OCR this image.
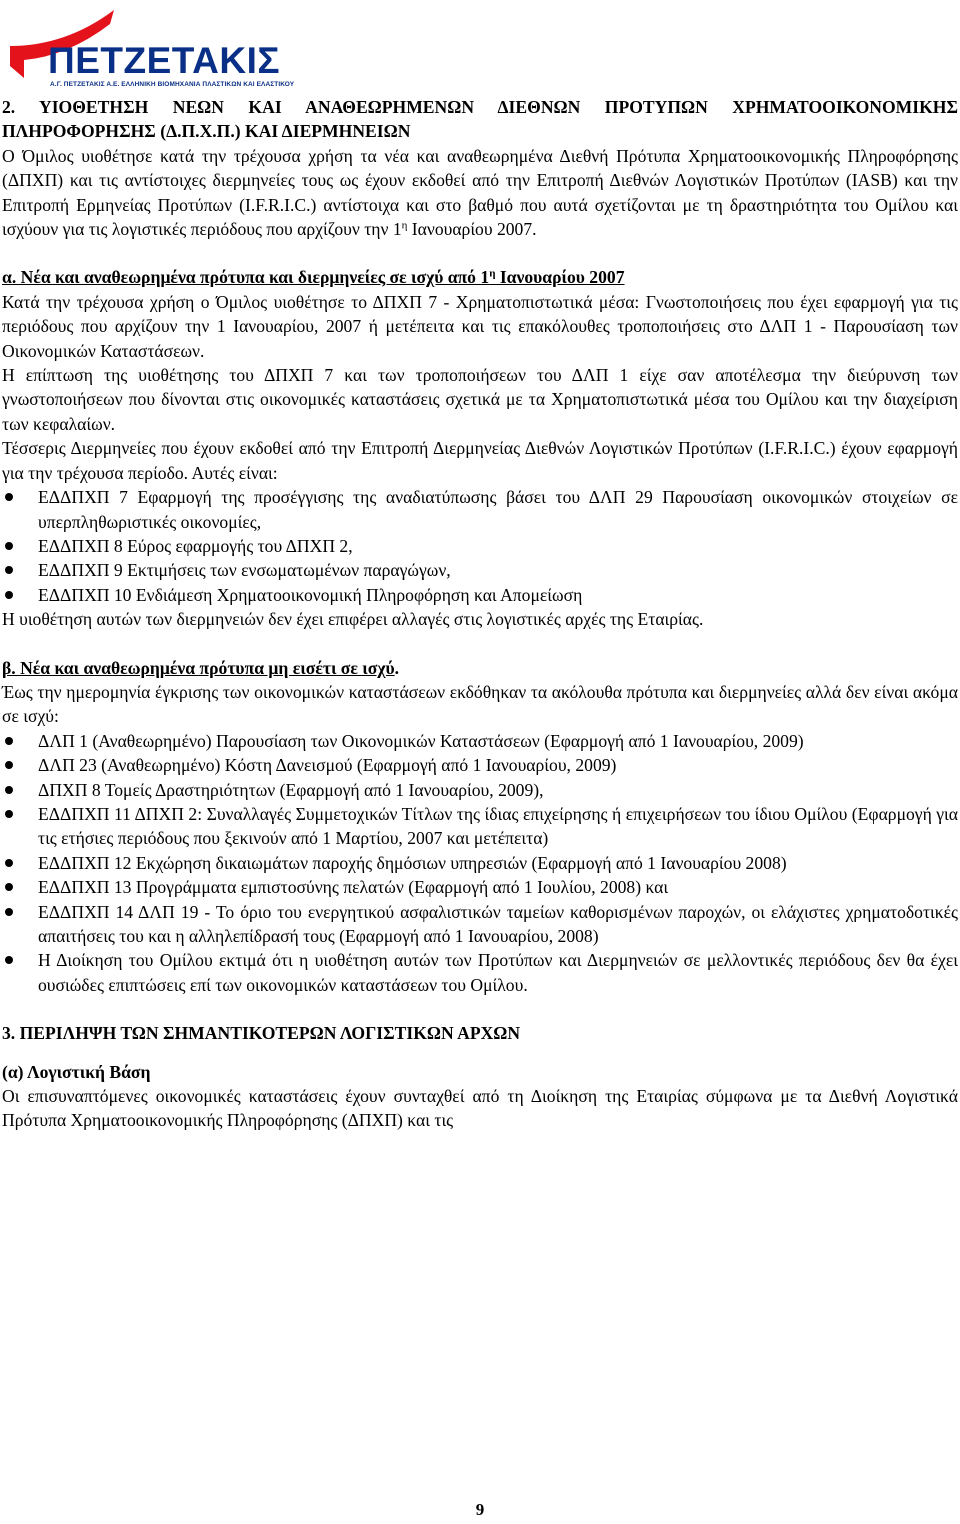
ΠΕΤΖΕΤΑΚΙΣ
Α.Γ. ΠΕΤΖΕΤΑΚΙΣ Α.Ε. ΕΛΛΗΝΙΚΗ ΒΙΟΜΗΧΑΝΙΑ ΠΛΑΣΤΙΚΩΝ ΚΑΙ ΕΛΑΣΤΙΚΟΥ
2. ΥΙΟΘΕΤΗΣΗ ΝΕΩΝ ΚΑΙ ΑΝΑΘΕΩΡΗΜΕΝΩΝ ΔΙΕΘΝΩΝ ΠΡΟΤΥΠΩΝ ΧΡΗΜΑΤΟΟΙΚΟΝΟΜΙΚΗΣ ΠΛΗΡΟΦΟΡΗΣΗΣ (Δ.Π.Χ.Π.) ΚΑΙ ΔΙΕΡΜΗΝΕΙΩΝ

Ο Όμιλος υιοθέτησε κατά την τρέχουσα χρήση τα νέα και αναθεωρημένα Διεθνή Πρότυπα Χρηματοοικονομικής Πληροφόρησης (ΔΠΧΠ) και τις αντίστοιχες διερμηνείες τους ως έχουν εκδοθεί από την Επιτροπή Διεθνών Λογιστικών Προτύπων (IASB) και την Επιτροπή Ερμηνείας Προτύπων (I.F.R.I.C.) αντίστοιχα και στο βαθμό που αυτά σχετίζονται με τη δραστηριότητα του Ομίλου και ισχύουν για τις λογιστικές περιόδους που αρχίζουν την $1^\eta$ Ιανουαρίου 2007.

α. Νέα και αναθεωρημένα πρότυπα και διερμηνείες σε ισχύ από $1^\eta$ Ιανουαρίου 2007

Κατά την τρέχουσα χρήση ο Όμιλος υιοθέτησε το ΔΠΧΠ 7 - Χρηματοπιστωτικά μέσα: Γνωστοποιήσεις που έχει εφαρμογή για τις περιόδους που αρχίζουν την 1 Ιανουαρίου, 2007 ή μετέπειτα και τις επακόλουθες τροποποιήσεις στο ΔΛΠ 1 - Παρουσίαση των Οικονομικών Καταστάσεων.

Η επίπτωση της υιοθέτησης του ΔΠΧΠ 7 και των τροποποιήσεων του ΔΛΠ 1 είχε σαν αποτέλεσμα την διεύρυνση των γνωστοποιήσεων που δίνονται στις οικονομικές καταστάσεις σχετικά με τα Χρηματοπιστωτικά μέσα του Ομίλου και την διαχείριση των κεφαλαίων.

Τέσσερις Διερμηνείες που έχουν εκδοθεί από την Επιτροπή Διερμηνείας Διεθνών Λογιστικών Προτύπων (I.F.R.I.C.) έχουν εφαρμογή για την τρέχουσα περίοδο. Αυτές είναι:

ΕΔΔΠΧΠ 7 Εφαρμογή της προσέγγισης της αναδιατύπωσης βάσει του ΔΛΠ 29 Παρουσίαση οικονομικών στοιχείων σε υπερπληθωριστικές οικονομίες,
ΕΔΔΠΧΠ 8 Εύρος εφαρμογής του ΔΠΧΠ 2,
ΕΔΔΠΧΠ 9 Εκτιμήσεις των ενσωματωμένων παραγώγων,
ΕΔΔΠΧΠ 10 Ενδιάμεση Χρηματοοικονομική Πληροφόρηση και Απομείωση

Η υιοθέτηση αυτών των διερμηνειών δεν έχει επιφέρει αλλαγές στις λογιστικές αρχές της Εταιρίας.

β. Νέα και αναθεωρημένα πρότυπα μη εισέτι σε ισχύ.

Έως την ημερομηνία έγκρισης των οικονομικών καταστάσεων εκδόθηκαν τα ακόλουθα πρότυπα και διερμηνείες αλλά δεν είναι ακόμα σε ισχύ:

ΔΛΠ 1 (Αναθεωρημένο) Παρουσίαση των Οικονομικών Καταστάσεων (Εφαρμογή από 1 Ιανουαρίου, 2009)
ΔΛΠ 23 (Αναθεωρημένο) Κόστη Δανεισμού (Εφαρμογή από 1 Ιανουαρίου, 2009)
ΔΠΧΠ 8 Τομείς Δραστηριότητων (Εφαρμογή από 1 Ιανουαρίου, 2009),
ΕΔΔΠΧΠ 11 ΔΠΧΠ 2: Συναλλαγές Συμμετοχικών Τίτλων της ίδιας επιχείρησης ή επιχειρήσεων του ίδιου Ομίλου (Εφαρμογή για τις ετήσιες περιόδους που ξεκινούν από 1 Μαρτίου, 2007 και μετέπειτα)
ΕΔΔΠΧΠ 12 Εκχώρηση δικαιωμάτων παροχής δημόσιων υπηρεσιών (Εφαρμογή από 1 Ιανουαρίου 2008)
ΕΔΔΠΧΠ 13 Προγράμματα εμπιστοσύνης πελατών (Εφαρμογή από 1 Ιουλίου, 2008) και
ΕΔΔΠΧΠ 14 ΔΛΠ 19 - Το όριο του ενεργητικού ασφαλιστικών ταμείων καθορισμένων παροχών, οι ελάχιστες χρηματοδοτικές απαιτήσεις του και η αλληλεπίδρασή τους (Εφαρμογή από 1 Ιανουαρίου, 2008)
Η Διοίκηση του Ομίλου εκτιμά ότι η υιοθέτηση αυτών των Προτύπων και Διερμηνειών σε μελλοντικές περιόδους δεν θα έχει ουσιώδες επιπτώσεις επί των οικονομικών καταστάσεων του Ομίλου.
3. ΠΕΡΙΛΗΨΗ ΤΩΝ ΣΗΜΑΝΤΙΚΟΤΕΡΩΝ ΛΟΓΙΣΤΙΚΩΝ ΑΡΧΩΝ

(α) Λογιστική Βάση

Οι επισυναπτόμενες οικονομικές καταστάσεις έχουν συνταχθεί από τη Διοίκηση της Εταιρίας σύμφωνα με τα Διεθνή Λογιστικά Πρότυπα Χρηματοοικονομικής Πληροφόρησης (ΔΠΧΠ) και τις

9
